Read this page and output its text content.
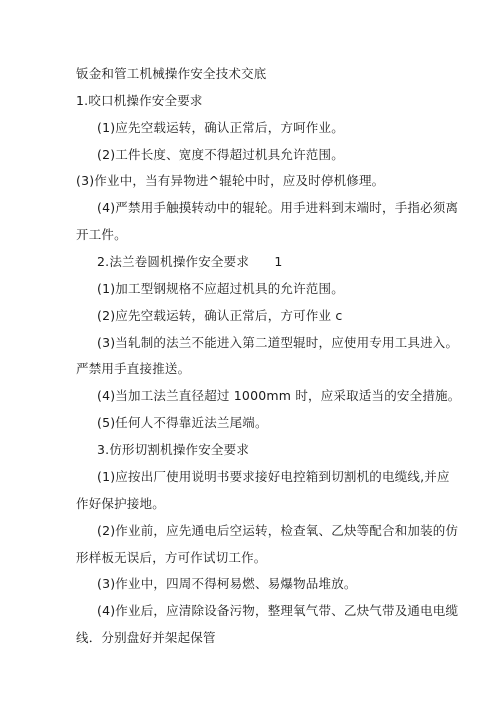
钣金和管工机械操作安全技术交底
1.咬口机操作安全要求
(1)应先空载运转，确认正常后，方呵作业。
(2)工件长度、宽度不得超过机具允许范围。
(3)作业中，当有异物进^辊轮中时，应及时停机修理。
(4)严禁用手触摸转动中的辊轮。用手进料到末端时，手指必须离
开工件。
2.法兰卷圆机操作安全要求　　1
(1)加工型钢规格不应超过机具的允许范围。
(2)应先空载运转，确认正常后，方可作业 c
(3)当轧制的法兰不能进入第二道型辊时，应使用专用工具进入。
严禁用手直接推送。
(4)当加工法兰直径超过 1000mm 时，应采取适当的安全措施。
(5)任何人不得靠近法兰尾端。
3.仿形切割机操作安全要求
(1)应按出厂使用说明书要求接好电控箱到切割机的电缆线,并应
作好保护接地。
(2)作业前，应先通电后空运转，检查氧、乙炔等配合和加装的仿
形样板无误后，方可作试切工作。
(3)作业中，四周不得柯易燃、易爆物品堆放。
(4)作业后，应清除设备污物，整理氧气带、乙炔气带及通电电缆
线．分别盘好并架起保管
